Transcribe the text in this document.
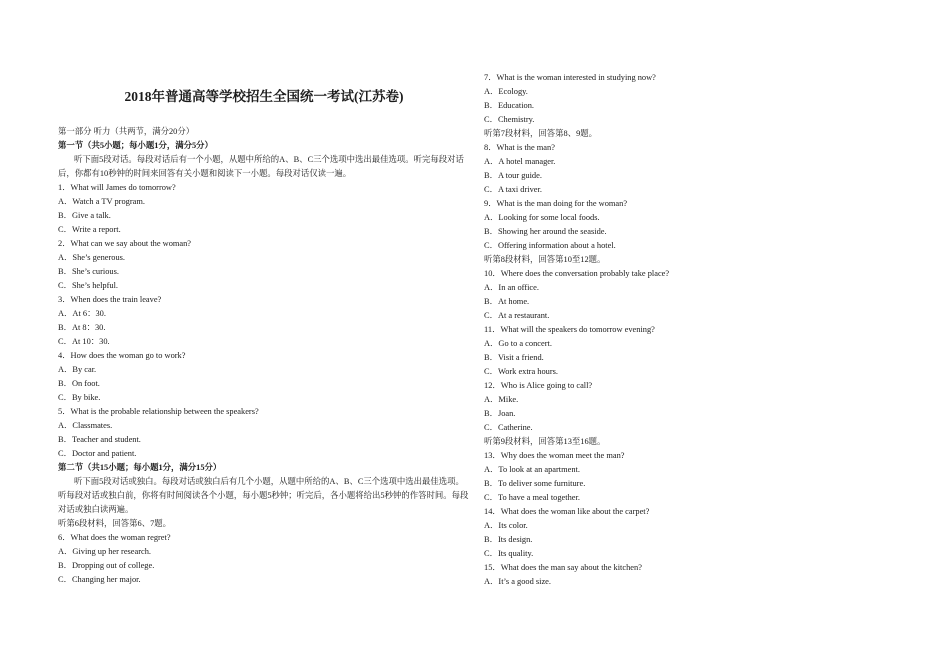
2018年普通高等学校招生全国统一考试(江苏卷)
第一部分 听力（共两节，满分20分）
第一节（共5小题；每小题1分，满分5分）
听下面5段对话。每段对话后有一个小题，从题中所给的A、B、C三个选项中选出最佳选项。听完每段对话后，你都有10秒钟的时间来回答有关小题和阅读下一小题。每段对话仅读一遍。
1．What will James do tomorrow?
A．Watch a TV program.
B．Give a talk.
C．Write a report.
2．What can we say about the woman?
A．She’s generous.
B．She’s curious.
C．She’s helpful.
3．When does the train leave?
A．At 6：30.
B．At 8：30.
C．At 10：30.
4．How does the woman go to work?
A．By car.
B．On foot.
C．By bike.
5．What is the probable relationship between the speakers?
A．Classmates.
B．Teacher and student.
C．Doctor and patient.
第二节（共15小题；每小题1分，满分15分）
听下面5段对话或独白。每段对话或独白后有几个小题，从题中所给的A、B、C三个选项中选出最佳选项。听每段对话或独白前，你将有时间阅读各个小题，每小题5秒钟；听完后，各小题将给出5秒钟的作答时间。每段对话或独白读两遍。
听第6段材料，回答第6、7题。
6．What does the woman regret?
A．Giving up her research.
B．Dropping out of college.
C．Changing her major.
7．What is the woman interested in studying now?
A．Ecology.
B．Education.
C．Chemistry.
听第7段材料，回答第8、9题。
8．What is the man?
A．A hotel manager.
B．A tour guide.
C．A taxi driver.
9．What is the man doing for the woman?
A．Looking for some local foods.
B．Showing her around the seaside.
C．Offering information about a hotel.
听第8段材料，回答第10至12题。
10．Where does the conversation probably take place?
A．In an office.
B．At home.
C．At a restaurant.
11．What will the speakers do tomorrow evening?
A．Go to a concert.
B．Visit a friend.
C．Work extra hours.
12．Who is Alice going to call?
A．Mike.
B．Joan.
C．Catherine.
听第9段材料，回答第13至16题。
13．Why does the woman meet the man?
A．To look at an apartment.
B．To deliver some furniture.
C．To have a meal together.
14．What does the woman like about the carpet?
A．Its color.
B．Its design.
C．Its quality.
15．What does the man say about the kitchen?
A．It’s a good size.
